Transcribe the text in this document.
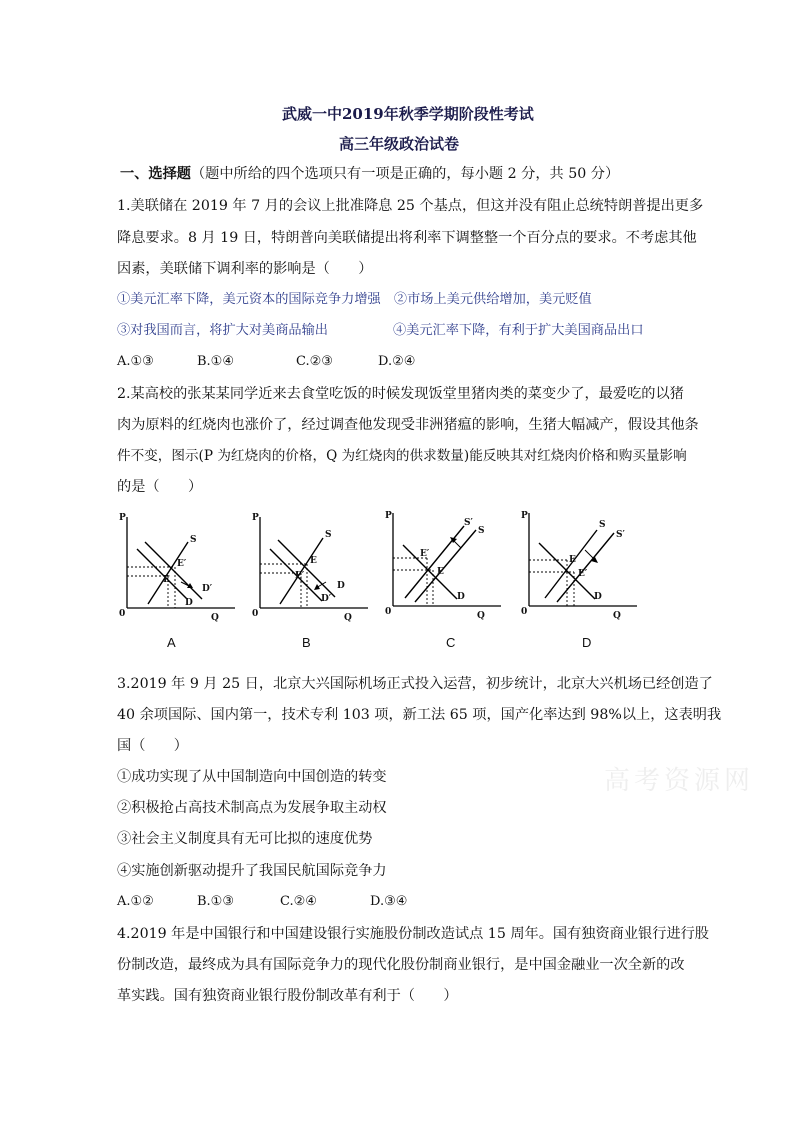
武威一中2019年秋季学期阶段性考试
高三年级政治试卷
一、选择题（题中所给的四个选项只有一项是正确的，每小题 2 分，共 50 分）
1.美联储在 2019 年 7 月的会议上批准降息 25 个基点，但这并没有阻止总统特朗普提出更多
降息要求。8 月 19 日，特朗普向美联储提出将利率下调整整一个百分点的要求。不考虑其他
因素，美联储下调利率的影响是（　　）
①美元汇率下降，美元资本的国际竞争力增强　②市场上美元供给增加，美元贬值
③对我国而言，将扩大对美商品输出	④美元汇率下降，有利于扩大美国商品出口
A.①③	B.①④	C.②③	D.②④
2.某高校的张某某同学近来去食堂吃饭的时候发现饭堂里猪肉类的菜变少了，最爱吃的以猪
肉为原料的红烧肉也涨价了，经过调查他发现受非洲猪瘟的影响，生猪大幅减产，假设其他条
件不变，图示(P 为红烧肉的价格，Q 为红烧肉的供求数量)能反映其对红烧肉价格和购买量影响
的是（　　）
P
Q
0
S
E′
E
D′
D
P
Q
0
S
E
E′
D
D′
P
Q
0
S′
S
E′
E
D
P
Q
0
S
S′
E
E′
D
A	B	C	D
3.2019 年 9 月 25 日，北京大兴国际机场正式投入运营，初步统计，北京大兴机场已经创造了
40 余项国际、国内第一，技术专利 103 项，新工法 65 项，国产化率达到 98%以上，这表明我
国（　　）
高考资源网
①成功实现了从中国制造向中国创造的转变
②积极抢占高技术制高点为发展争取主动权
③社会主义制度具有无可比拟的速度优势
④实施创新驱动提升了我国民航国际竞争力
A.①②	B.①③	C.②④	D.③④
4.2019 年是中国银行和中国建设银行实施股份制改造试点 15 周年。国有独资商业银行进行股
份制改造，最终成为具有国际竞争力的现代化股份制商业银行，是中国金融业一次全新的改
革实践。国有独资商业银行股份制改革有利于（　　）
